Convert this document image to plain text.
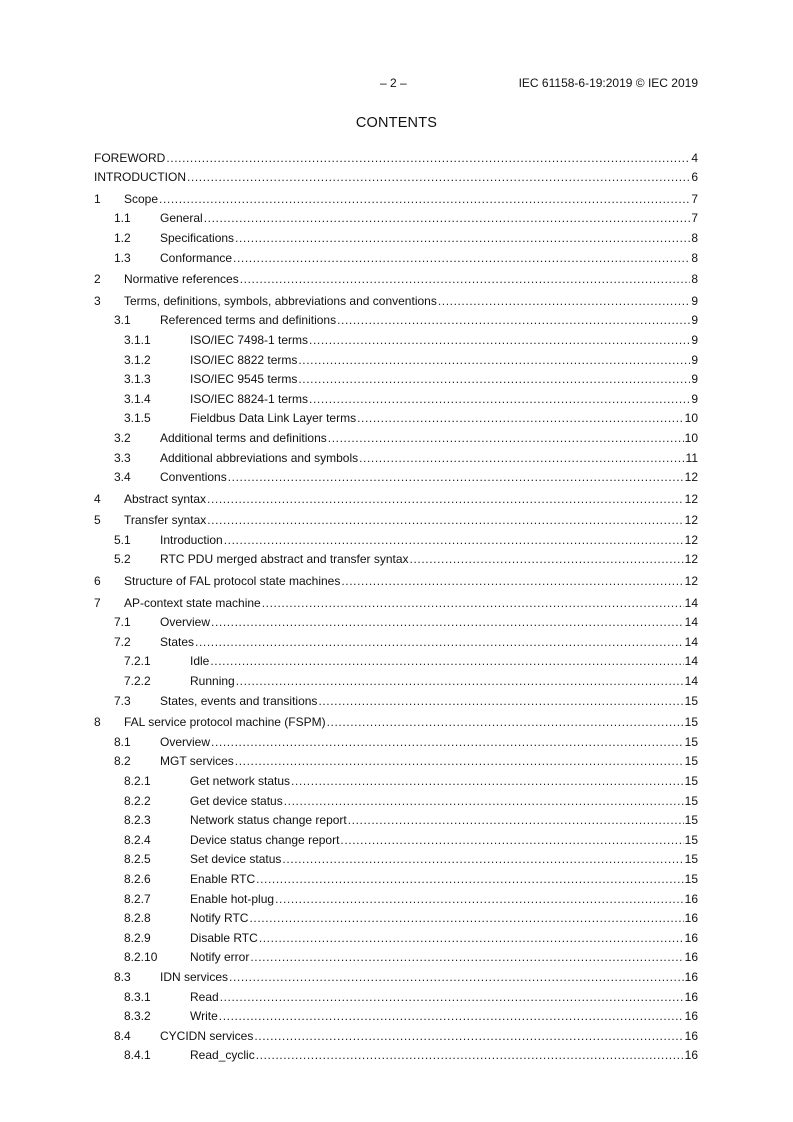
– 2 –	IEC 61158-6-19:2019 © IEC 2019
CONTENTS
FOREWORD .....	4
INTRODUCTION .....	6
1	Scope .....	7
1.1	General .....	7
1.2	Specifications .....	8
1.3	Conformance .....	8
2	Normative references .....	8
3	Terms, definitions, symbols, abbreviations and conventions .....	9
3.1	Referenced terms and definitions .....	9
3.1.1	ISO/IEC 7498-1 terms .....	9
3.1.2	ISO/IEC 8822 terms .....	9
3.1.3	ISO/IEC 9545 terms .....	9
3.1.4	ISO/IEC 8824-1 terms .....	9
3.1.5	Fieldbus Data Link Layer terms .....	10
3.2	Additional terms and definitions .....	10
3.3	Additional abbreviations and symbols .....	11
3.4	Conventions .....	12
4	Abstract syntax .....	12
5	Transfer syntax .....	12
5.1	Introduction .....	12
5.2	RTC PDU merged abstract and transfer syntax .....	12
6	Structure of FAL protocol state machines .....	12
7	AP-context state machine .....	14
7.1	Overview .....	14
7.2	States .....	14
7.2.1	Idle .....	14
7.2.2	Running .....	14
7.3	States, events and transitions .....	15
8	FAL service protocol machine (FSPM) .....	15
8.1	Overview .....	15
8.2	MGT services .....	15
8.2.1	Get network status .....	15
8.2.2	Get device status .....	15
8.2.3	Network status change report .....	15
8.2.4	Device status change report .....	15
8.2.5	Set device status .....	15
8.2.6	Enable RTC .....	15
8.2.7	Enable hot-plug .....	16
8.2.8	Notify RTC .....	16
8.2.9	Disable RTC .....	16
8.2.10	Notify error .....	16
8.3	IDN services .....	16
8.3.1	Read .....	16
8.3.2	Write .....	16
8.4	CYCIDN services .....	16
8.4.1	Read_cyclic .....	16
